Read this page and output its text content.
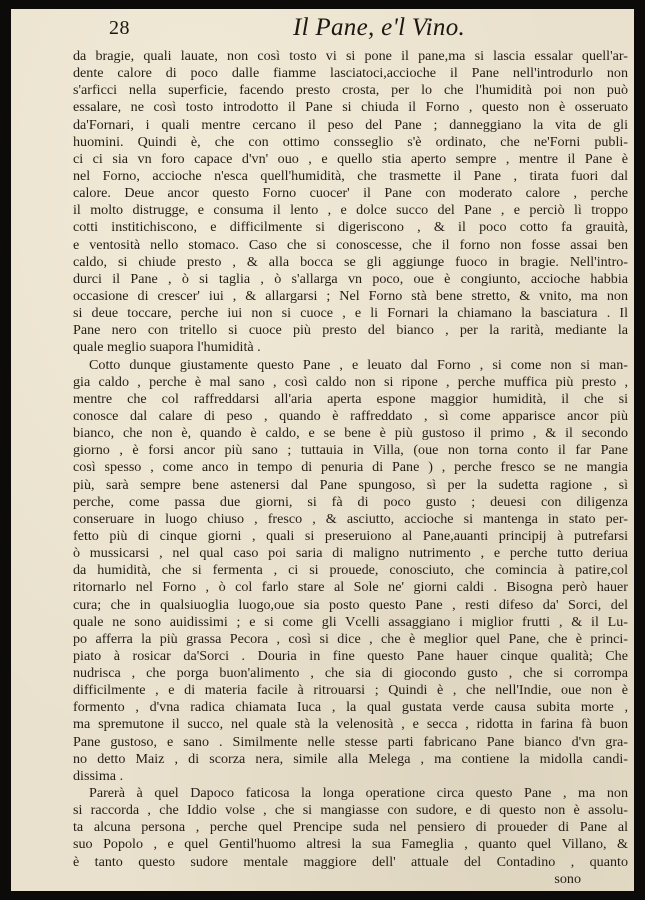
28	Il Pane, e'l Vino.
da bragie, quali lauate, non così tosto vi si pone il pane,ma si lascia essalar quell'ar-
dente calore di poco dalle fiamme lasciatoci,accioche il Pane nell'introdurlo non
s'arficci nella superficie, facendo presto crosta, per lo che l'humidità poi non può
essalare, ne così tosto introdotto il Pane si chiuda il Forno , questo non è osseruato
da'Fornari, i quali mentre cercano il peso del Pane ; danneggiano la vita de gli
huomini. Quindi è, che con ottimo consseglio s'è ordinato, che ne'Forni publi-
ci ci sia vn foro capace d'vn' ouo , e quello stia aperto sempre , mentre il Pane è
nel Forno, accioche n'esca quell'humidità, che trasmette il Pane , tirata fuori dal
calore. Deue ancor questo Forno cuocer' il Pane con moderato calore , perche
il molto distrugge, e consuma il lento , e dolce succo del Pane , e perciò lì troppo
cotti institichiscono, e difficilmente si digeriscono , & il poco cotto fa grauità,
e ventosità nello stomaco. Caso che si conoscesse, che il forno non fosse assai ben
caldo, si chiude presto , & alla bocca se gli aggiunge fuoco in bragie. Nell'intro-
durci il Pane , ò si taglia , ò s'allarga vn poco, oue è congiunto, accioche habbia
occasione di crescer' iui , & allargarsi ; Nel Forno stà bene stretto, & vnito, ma non
si deue toccare, perche iui non si cuoce , e li Fornari la chiamano la basciatura . Il
Pane nero con tritello si cuoce più presto del bianco , per la rarità, mediante la
quale meglio suapora l'humidità .
Cotto dunque giustamente questo Pane , e leuato dal Forno , si come non si man-
gia caldo , perche è mal sano , così caldo non si ripone , perche muffica più presto ,
mentre che col raffreddarsi all'aria aperta espone maggior humidità, il che si
conosce dal calare di peso , quando è raffreddato , sì come apparisce ancor più
bianco, che non è, quando è caldo, e se bene è più gustoso il primo , & il secondo
giorno , è forsi ancor più sano ; tuttauia in Villa, (oue non torna conto il far Pane
così spesso , come anco in tempo di penuria di Pane ) , perche fresco se ne mangia
più, sarà sempre bene astenersi dal Pane spungoso, sì per la sudetta ragione , sì
perche, come passa due giorni, si fà di poco gusto ; deuesi con diligenza
conseruare in luogo chiuso , fresco , & asciutto, accioche si mantenga in stato per-
fetto più di cinque giorni , quali si preseruiono al Pane,auanti principij à putrefarsi
ò mussicarsi , nel qual caso poi saria di maligno nutrimento , e perche tutto deriua
da humidità, che si fermenta , ci si prouede, conosciuto, che comincia à patire,col
ritornarlo nel Forno , ò col farlo stare al Sole ne' giorni caldi . Bisogna però hauer
cura; che in qualsiuoglia luogo,oue sia posto questo Pane , resti difeso da' Sorci, del
quale ne sono auidissimi ; e si come gli Vcelli assaggiano i miglior frutti , & il Lu-
po afferra la più grassa Pecora , così si dice , che è meglior quel Pane, che è princi-
piato à rosicar da'Sorci . Douria in fine questo Pane hauer cinque qualità; Che
nudrisca , che porga buon'alimento , che sia di giocondo gusto , che si corrompa
difficilmente , e di materia facile à ritrouarsi ; Quindi è , che nell'Indie, oue non è
formento , d'vna radica chiamata Iuca , la qual gustata verde causa subita morte ,
ma spremutone il succo, nel quale stà la velenosità , e secca , ridotta in farina fà buon
Pane gustoso, e sano . Similmente nelle stesse parti fabricano Pane bianco d'vn gra-
no detto Maiz , di scorza nera, simile alla Melega , ma contiene la midolla candi-
dissima .
Parerà à quel Dapoco faticosa la longa operatione circa questo Pane , ma non
si raccorda , che Iddio volse , che si mangiasse con sudore, e di questo non è assolu-
ta alcuna persona , perche quel Prencipe suda nel pensiero di proueder di Pane al
suo Popolo , e quel Gentil'huomo altresi la sua Fameglia , quanto quel Villano, &
è tanto questo sudore mentale maggiore dell' attuale del Contadino , quanto
sono
